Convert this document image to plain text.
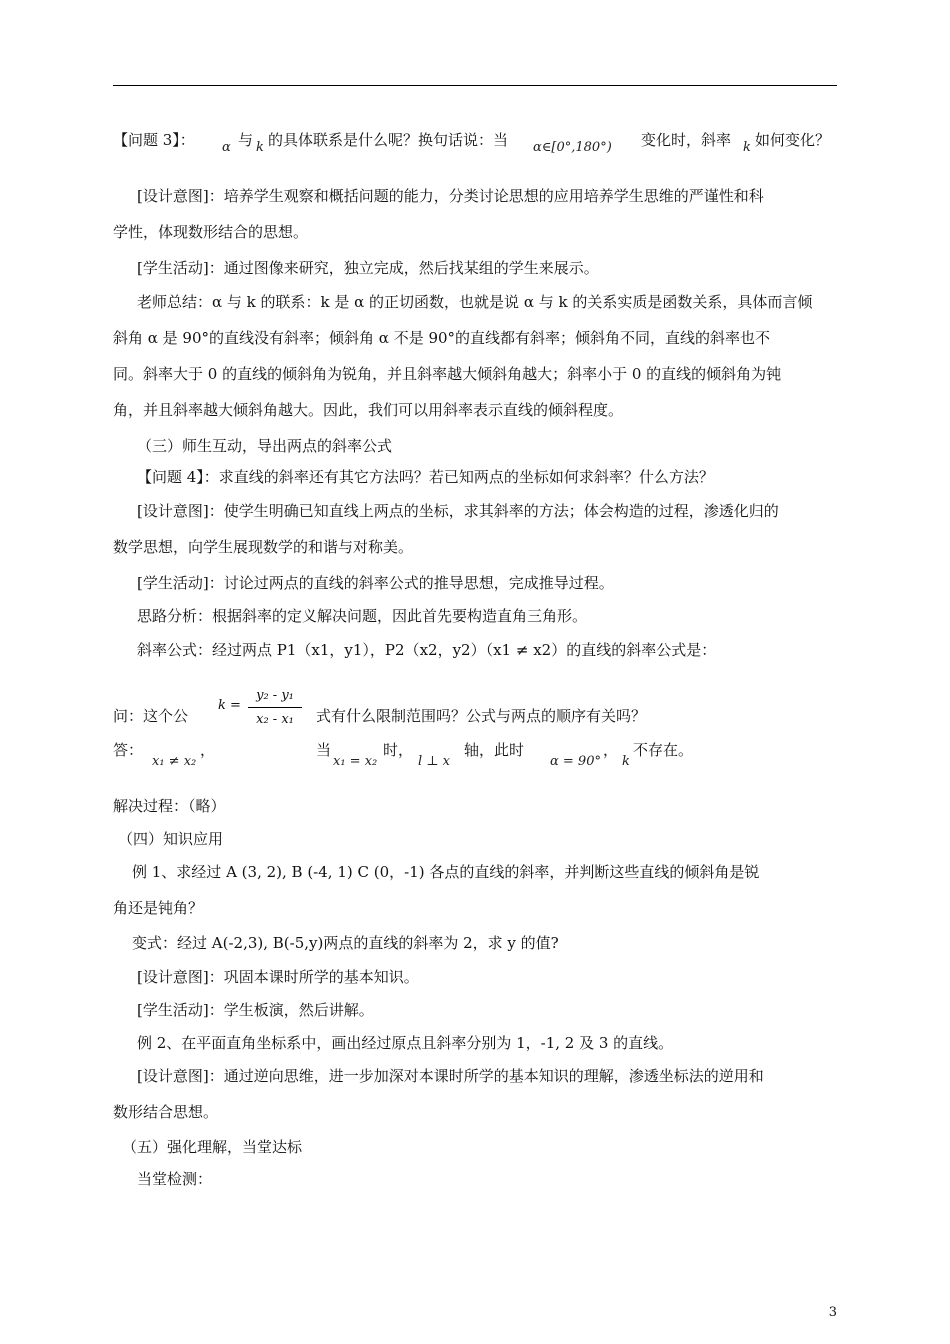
【问题 3】： α 与 k 的具体联系是什么呢？换句话说：当 α∈[0°,180°) 变化时，斜率 k 如何变化？
[设计意图]：培养学生观察和概括问题的能力，分类讨论思想的应用培养学生思维的严谨性和科
学性，体现数形结合的思想。
[学生活动]：通过图像来研究，独立完成，然后找某组的学生来展示。
老师总结：α 与 k 的联系：k 是 α 的正切函数，也就是说 α 与 k 的关系实质是函数关系，具体而言倾
斜角 α 是 90°的直线没有斜率；倾斜角 α 不是 90°的直线都有斜率；倾斜角不同，直线的斜率也不
同。斜率大于 0 的直线的倾斜角为锐角，并且斜率越大倾斜角越大；斜率小于 0 的直线的倾斜角为钝
角，并且斜率越大倾斜角越大。因此，我们可以用斜率表示直线的倾斜程度。
（三）师生互动，导出两点的斜率公式
【问题 4】：求直线的斜率还有其它方法吗？若已知两点的坐标如何求斜率？什么方法？
[设计意图]：使学生明确已知直线上两点的坐标，求其斜率的方法；体会构造的过程，渗透化归的
数学思想，向学生展现数学的和谐与对称美。
[学生活动]：讨论过两点的直线的斜率公式的推导思想，完成推导过程。
思路分析：根据斜率的定义解决问题，因此首先要构造直角三角形。
斜率公式：经过两点 P1（x1，y1），P2（x2，y2）（x1 ≠ x2）的直线的斜率公式是：
问：这个公
k =
y₂ - y₁
x₂ - x₁	式有什么限制范围吗？公式与两点的顺序有关吗？
答：
x₁ ≠ x₂
，	当
x₁ = x₂
时，
l ⊥ x
轴，此时
α = 90°
，
k
不存在。
解决过程：（略）
（四）知识应用
例 1、求经过 A (3, 2), B (-4, 1) C (0，-1) 各点的直线的斜率，并判断这些直线的倾斜角是锐
角还是钝角？
变式：经过 A(-2,3), B(-5,y)两点的直线的斜率为 2，求 y 的值?
[设计意图]：巩固本课时所学的基本知识。
[学生活动]：学生板演，然后讲解。
例 2、在平面直角坐标系中，画出经过原点且斜率分别为 1，-1, 2 及 3 的直线。
[设计意图]：通过逆向思维，进一步加深对本课时所学的基本知识的理解，渗透坐标法的逆用和
数形结合思想。
（五）强化理解，当堂达标
当堂检测：
3
